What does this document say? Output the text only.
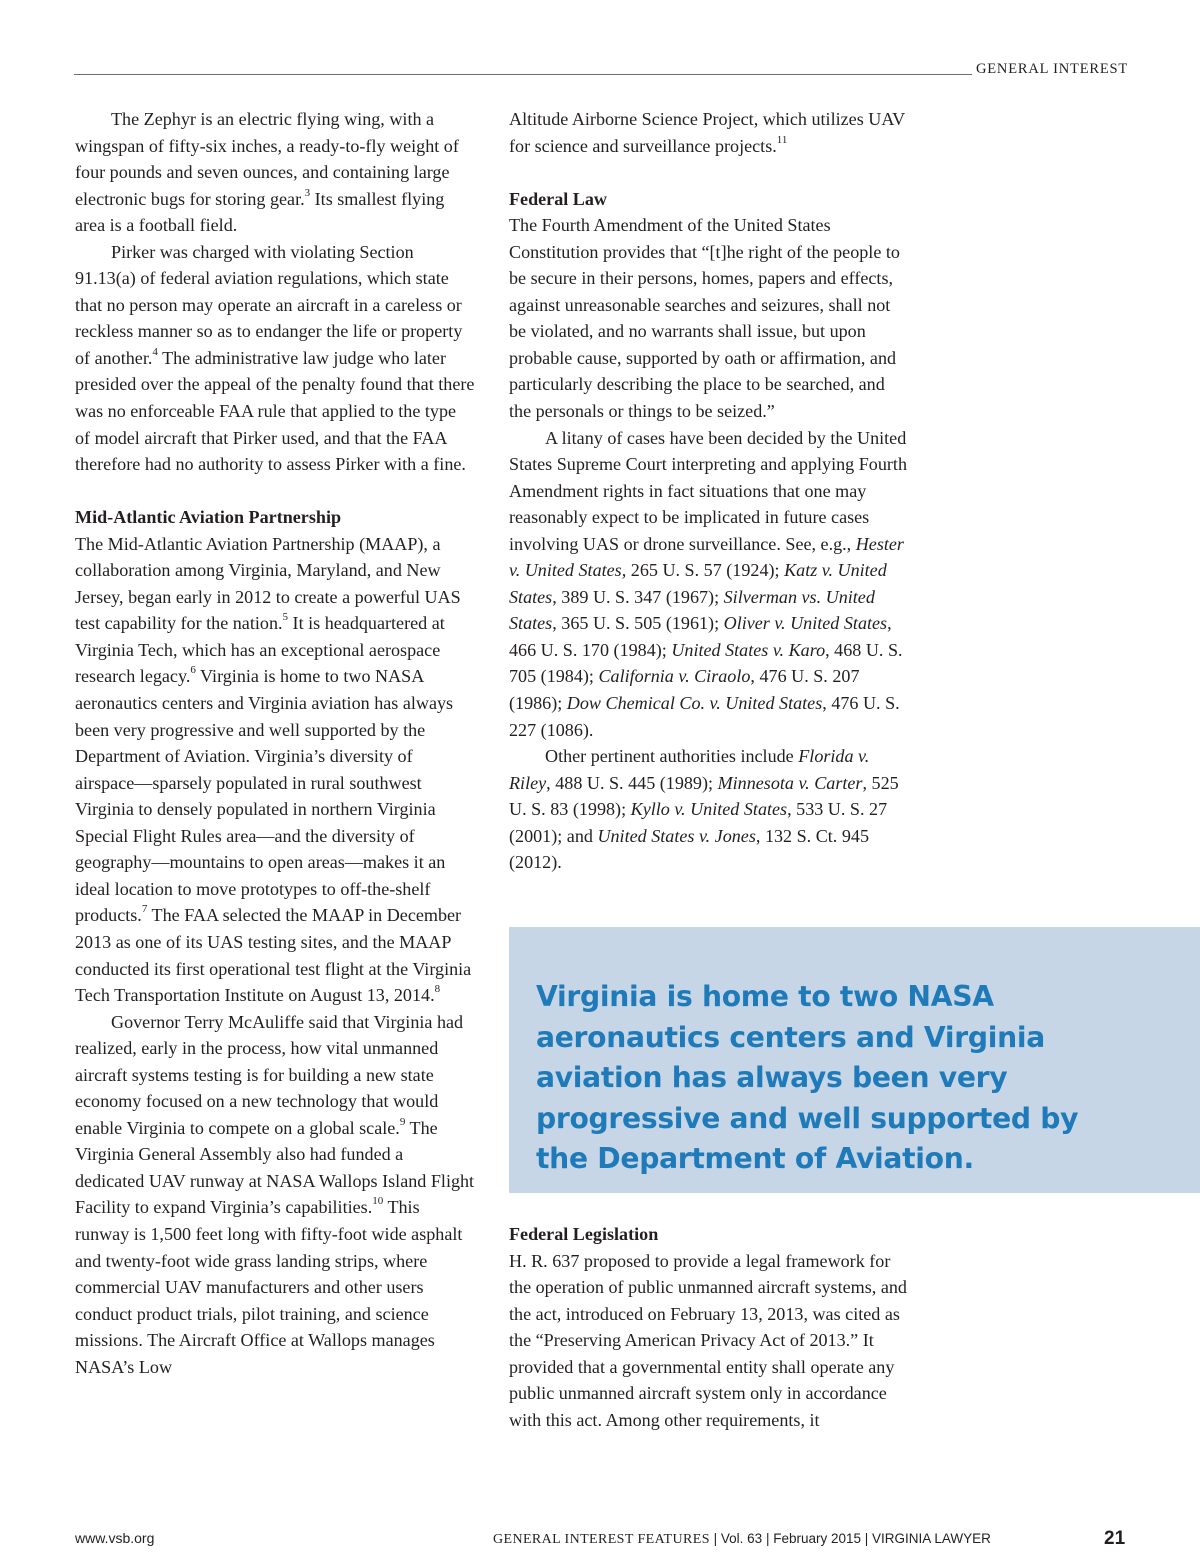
GENERAL INTEREST

The Zephyr is an electric flying wing, with a wingspan of fifty-six inches, a ready-to-fly weight of four pounds and seven ounces, and containing large electronic bugs for storing gear.$^3$ Its smallest flying area is a football field.

Pirker was charged with violating Section 91.13(a) of federal aviation regulations, which state that no person may operate an aircraft in a careless or reckless manner so as to endanger the life or property of another.$^4$ The administrative law judge who later presided over the appeal of the penalty found that there was no enforceable FAA rule that applied to the type of model aircraft that Pirker used, and that the FAA therefore had no authority to assess Pirker with a fine.

Mid-Atlantic Aviation Partnership

The Mid-Atlantic Aviation Partnership (MAAP), a collaboration among Virginia, Maryland, and New Jersey, began early in 2012 to create a powerful UAS test capability for the nation.$^5$ It is headquartered at Virginia Tech, which has an exceptional aerospace research legacy.$^6$ Virginia is home to two NASA aeronautics centers and Virginia aviation has always been very progressive and well supported by the Department of Aviation. Virginia’s diversity of airspace—sparsely populated in rural southwest Virginia to densely populated in northern Virginia Special Flight Rules area—and the diversity of geography—mountains to open areas—makes it an ideal location to move prototypes to off-the-shelf products.$^7$ The FAA selected the MAAP in December 2013 as one of its UAS testing sites, and the MAAP conducted its first operational test flight at the Virginia Tech Transportation Institute on August 13, 2014.$^8$

Governor Terry McAuliffe said that Virginia had realized, early in the process, how vital unmanned aircraft systems testing is for building a new state economy focused on a new technology that would enable Virginia to compete on a global scale.$^9$ The Virginia General Assembly also had funded a dedicated UAV runway at NASA Wallops Island Flight Facility to expand Virginia’s capabilities.$^{10}$ This runway is 1,500 feet long with fifty-foot wide asphalt and twenty-foot wide grass landing strips, where commercial UAV manufacturers and other users conduct product trials, pilot training, and science missions. The Aircraft Office at Wallops manages NASA’s Low

Altitude Airborne Science Project, which utilizes UAV for science and surveillance projects.$^{11}$

Federal Law

The Fourth Amendment of the United States Constitution provides that “[t]he right of the people to be secure in their persons, homes, papers and effects, against unreasonable searches and seizures, shall not be violated, and no warrants shall issue, but upon probable cause, supported by oath or affirmation, and particularly describing the place to be searched, and the personals or things to be seized.”

A litany of cases have been decided by the United States Supreme Court interpreting and applying Fourth Amendment rights in fact situations that one may reasonably expect to be implicated in future cases involving UAS or drone surveillance. See, e.g., Hester v. United States, 265 U. S. 57 (1924); Katz v. United States, 389 U. S. 347 (1967); Silverman vs. United States, 365 U. S. 505 (1961); Oliver v. United States, 466 U. S. 170 (1984); United States v. Karo, 468 U. S. 705 (1984); California v. Ciraolo, 476 U. S. 207 (1986); Dow Chemical Co. v. United States, 476 U. S. 227 (1086).

Other pertinent authorities include Florida v. Riley, 488 U. S. 445 (1989); Minnesota v. Carter, 525 U. S. 83 (1998); Kyllo v. United States, 533 U. S. 27 (2001); and United States v. Jones, 132 S. Ct. 945 (2012).

Virginia is home to two NASA aeronautics centers and Virginia aviation has always been very progressive and well supported by the Department of Aviation.
Federal Legislation

H. R. 637 proposed to provide a legal framework for the operation of public unmanned aircraft systems, and the act, introduced on February 13, 2013, was cited as the “Preserving American Privacy Act of 2013.” It provided that a governmental entity shall operate any public unmanned aircraft system only in accordance with this act. Among other requirements, it

www.vsb.org	GENERAL INTEREST FEATURES | Vol. 63 | February 2015 | VIRGINIA LAWYER	21
